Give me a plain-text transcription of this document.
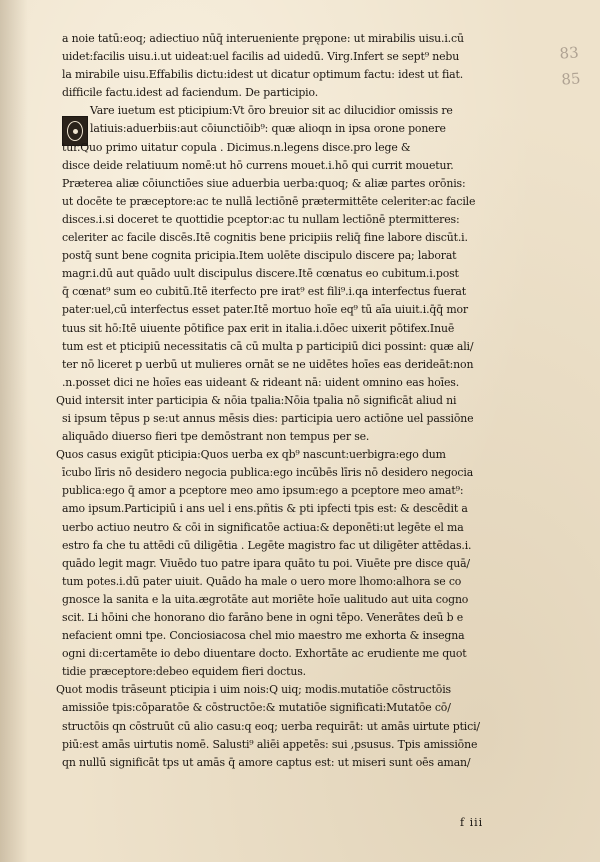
83
85
a noie tatū:eoq; adiectiuo nūq̄ interueniente prępone: ut mirabilis uisu.i.cū
uidet:facilis uisu.i.ut uideat:uel facilis ad uidedū. Virg.Infert se sept⁹ nebu
la mirabile uisu.Effabilis dictu:idest ut dicatur optimum factu: idest ut fiat.
difficile factu.idest ad faciendum. De participio.
Vare iuetum est pticipium:Vt ōro breuior sit ac dilucidior omissis re
latiuis:aduerbiis:aut cōiunctiōib⁹: quæ alioqn in ipsa orone ponere
tur.Quo primo uitatur copula . Dicimus.n.legens disce.pro lege &
disce deide relatiuum nomē:ut hō currens mouet.i.hō qui currit mouetur.
Præterea aliæ cōiunctiōes siue aduerbia uerba:quoq; & aliæ partes orōnis:
ut docēte te præceptore:ac te nullā lectiōnē prætermittēte celeriter:ac facile
disces.i.si doceret te quottidie pceptor:ac tu nullam lectiōnē ptermitteres:
celeriter ac facile discēs.Itē cognitis bene pricipiis reliq̄ fine labore discūt.i.
postq̄ sunt bene cognita pricipia.Item uolēte discipulo discere pa; laborat
magr.i.dū aut quādo uult discipulus discere.Itē cœnatus eo cubitum.i.post
q̄ cœnat⁹ sum eo cubitū.Itē iterfecto pre irat⁹ est fili⁹.i.qa interfectus fuerat
pater:uel,cū interfectus esset pater.Itē mortuo hoīe eq⁹ tū aīa uiuit.i.q̄q̄ mor
tuus sit hō:Itē uiuente pōtifice pax erit in italia.i.dōec uixerit pōtifex.Inuē
tum est et pticipiū necessitatis cā cū multa p participiū dici possint: quæ ali/
ter nō liceret p uerbū ut mulieres ornāt se ne uidētes hoīes eas derideāt:non
.n.posset dici ne hoīes eas uideant & rideant nā: uident omnino eas hoīes.
Quid intersit inter participia & nōia tpalia:Nōia tpalia nō significāt aliud ni
si ipsum tēpus p se:ut annus mēsis dies: participia uero actiōne uel passiōne
aliquādo diuerso fieri tpe demōstrant non tempus per se.
Quos casus exigūt pticipia:Quos uerba ex qb⁹ nascunt:uerbigra:ego dum
īcubo līris nō desidero negocia publica:ego incūbēs līris nō desidero negocia
publica:ego q̄ amor a pceptore meo amo ipsum:ego a pceptore meo amat⁹:
amo ipsum.Participiū i ans uel i ens.pñtis & pti ipfecti tpis est: & descēdit a
uerbo actiuo neutro & cōi in significatōe actiua:& deponēti:ut legēte el ma
estro fa che tu attēdi cū diligētia . Legēte magistro fac ut diligēter attēdas.i.
quādo legit magr. Viuēdo tuo patre ipara quāto tu poi. Viuēte pre disce quā/
tum potes.i.dū pater uiuit. Quādo ha male o uero more lhomo:alhora se co
gnosce la sanita e la uita.ægrotāte aut moriēte hoīe ualitudo aut uita cogno
scit. Li hōini che honorano dio farāno bene in ogni tēpo. Venerātes deū b e
nefacient omni tpe. Conciosiacosa chel mio maestro me exhorta & insegna
ogni di:certamēte io debo diuentare docto. Exhortāte ac erudiente me quot
tidie præceptore:debeo equidem fieri doctus.
Quot modis trāseunt pticipia i uim nois:Q uiq; modis.mutatiōe cōstructōis
amissiōe tpis:cōparatōe & cōstructōe:& mutatiōe significati:Mutatōe cō/
structōis qn cōstruūt cū alio casu:q eoq; uerba requirāt: ut amās uirtute ptici/
piū:est amās uirtutis nomē. Salusti⁹ aliēi appetēs: sui ,psusus. Tpis amissiōne
qn nullū significāt tps ut amās q̄ amore captus est: ut miseri sunt oēs aman/
f iii
